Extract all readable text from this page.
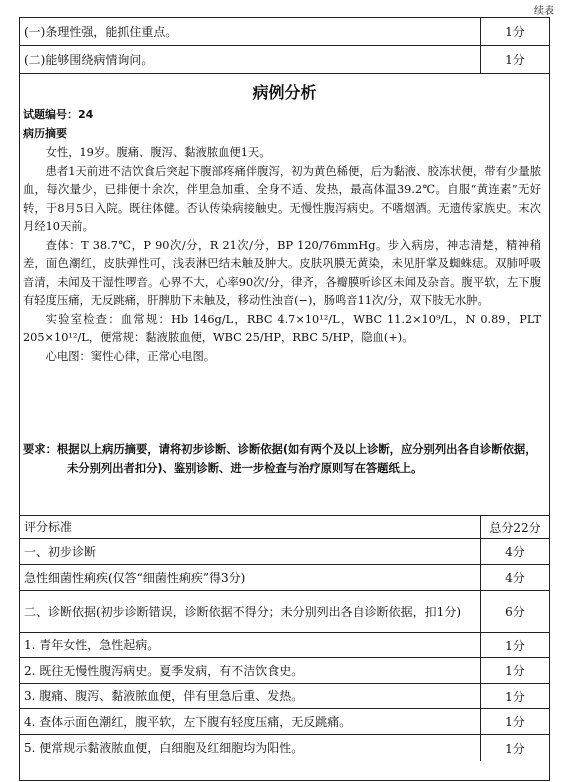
续表
(一)条理性强，能抓住重点。	1分
(二)能够围绕病情询问。	1分
病例分析
试题编号：24
病历摘要

女性，19岁。腹痛、腹泻、黏液脓血便1天。

患者1天前进不洁饮食后突起下腹部疼痛伴腹泻，初为黄色稀便，后为黏液、胶冻状便，带有少量脓血，每次量少，已排便十余次，伴里急加重、全身不适、发热，最高体温39.2℃。自服“黄连素”无好转，于8月5日入院。既往体健。否认传染病接触史。无慢性腹泻病史。不嗜烟酒。无遗传家族史。末次月经10天前。

查体：T 38.7℃，P 90次/分，R 21次/分，BP 120/76mmHg。步入病房，神志清楚，精神稍差，面色潮红，皮肤弹性可，浅表淋巴结未触及肿大。皮肤巩膜无黄染，未见肝掌及蜘蛛痣。双肺呼吸音清，未闻及干湿性啰音。心界不大，心率90次/分，律齐，各瓣膜听诊区未闻及杂音。腹平软，左下腹有轻度压痛，无反跳痛，肝脾肋下未触及，移动性浊音(−)，肠鸣音11次/分，双下肢无水肿。

实验室检查：血常规：Hb 146g/L，RBC 4.7×10¹²/L，WBC 11.2×10⁹/L，N 0.89，PLT 205×10¹²/L，便常规：黏液脓血便，WBC 25/HP，RBC 5/HP，隐血(+)。

心电图：窦性心律，正常心电图。

要求：根据以上病历摘要，请将初步诊断、诊断依据(如有两个及以上诊断，应分别列出各自诊断依据，未分别列出者扣分)、鉴别诊断、进一步检查与治疗原则写在答题纸上。
评分标准	总分22分
一、初步诊断	4分
急性细菌性痢疾(仅答“细菌性痢疾”得3分)	4分
二、诊断依据(初步诊断错误，诊断依据不得分；未分别列出各自诊断依据，扣1分)	6分
1. 青年女性，急性起病。	1分
2. 既往无慢性腹泻病史。夏季发病，有不洁饮食史。	1分
3. 腹痛、腹泻、黏液脓血便，伴有里急后重、发热。	1分
4. 查体示面色潮红，腹平软，左下腹有轻度压痛，无反跳痛。	1分
5. 便常规示黏液脓血便，白细胞及红细胞均为阳性。	1分
